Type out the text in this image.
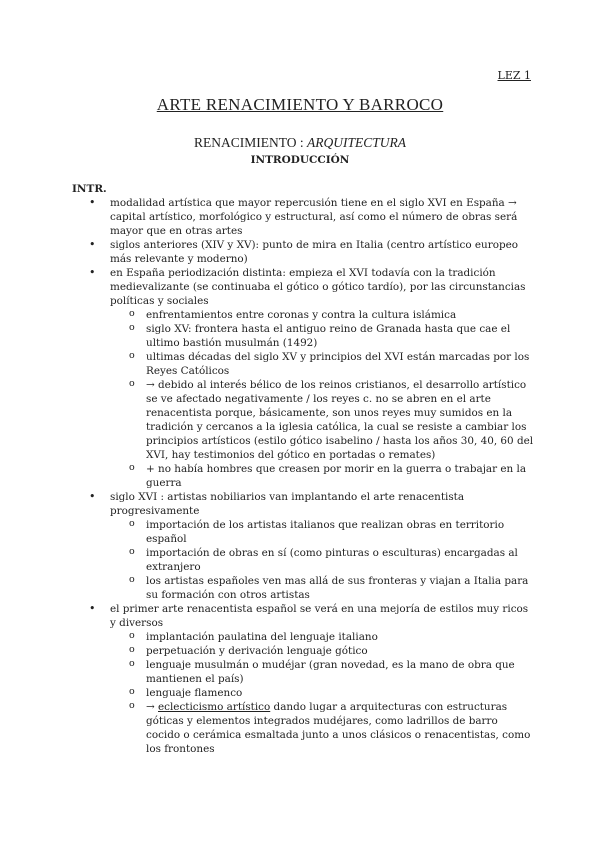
LEZ 1
ARTE RENACIMIENTO Y BARROCO
RENACIMIENTO : ARQUITECTURA
INTRODUCCIÓN

INTR.

• modalidad artística que mayor repercusión tiene en el siglo XVI en España → capital artístico, morfológico y estructural, así como el número de obras será mayor que en otras artes
• siglos anteriores (XIV y XV): punto de mira en Italia (centro artístico europeo más relevante y moderno)
• en España periodización distinta: empieza el XVI todavía con la tradición medievalizante (se continuaba el gótico o gótico tardío), por las circunstancias políticas y sociales
o enfrentamientos entre coronas y contra la cultura islámica
o siglo XV: frontera hasta el antiguo reino de Granada hasta que cae el ultimo bastión musulmán (1492)
o ultimas décadas del siglo XV y principios del XVI están marcadas por los Reyes Católicos
o → debido al interés bélico de los reinos cristianos, el desarrollo artístico se ve afectado negativamente / los reyes c. no se abren en el arte renacentista porque, básicamente, son unos reyes muy sumidos en la tradición y cercanos a la iglesia católica, la cual se resiste a cambiar los principios artísticos (estilo gótico isabelino / hasta los años 30, 40, 60 del XVI, hay testimonios del gótico en portadas o remates)
o + no había hombres que creasen por morir en la guerra o trabajar en la guerra
• siglo XVI : artistas nobiliarios van implantando el arte renacentista progresivamente
o importación de los artistas italianos que realizan obras en territorio español
o importación de obras en sí (como pinturas o esculturas) encargadas al extranjero
o los artistas españoles ven mas allá de sus fronteras y viajan a Italia para su formación con otros artistas
• el primer arte renacentista español se verá en una mejoría de estilos muy ricos y diversos
o implantación paulatina del lenguaje italiano
o perpetuación y derivación lenguaje gótico
o lenguaje musulmán o mudéjar (gran novedad, es la mano de obra que mantienen el país)
o lenguaje flamenco
o → eclecticismo artístico dando lugar a arquitecturas con estructuras góticas y elementos integrados mudéjares, como ladrillos de barro cocido o cerámica esmaltada junto a unos clásicos o renacentistas, como los frontones
